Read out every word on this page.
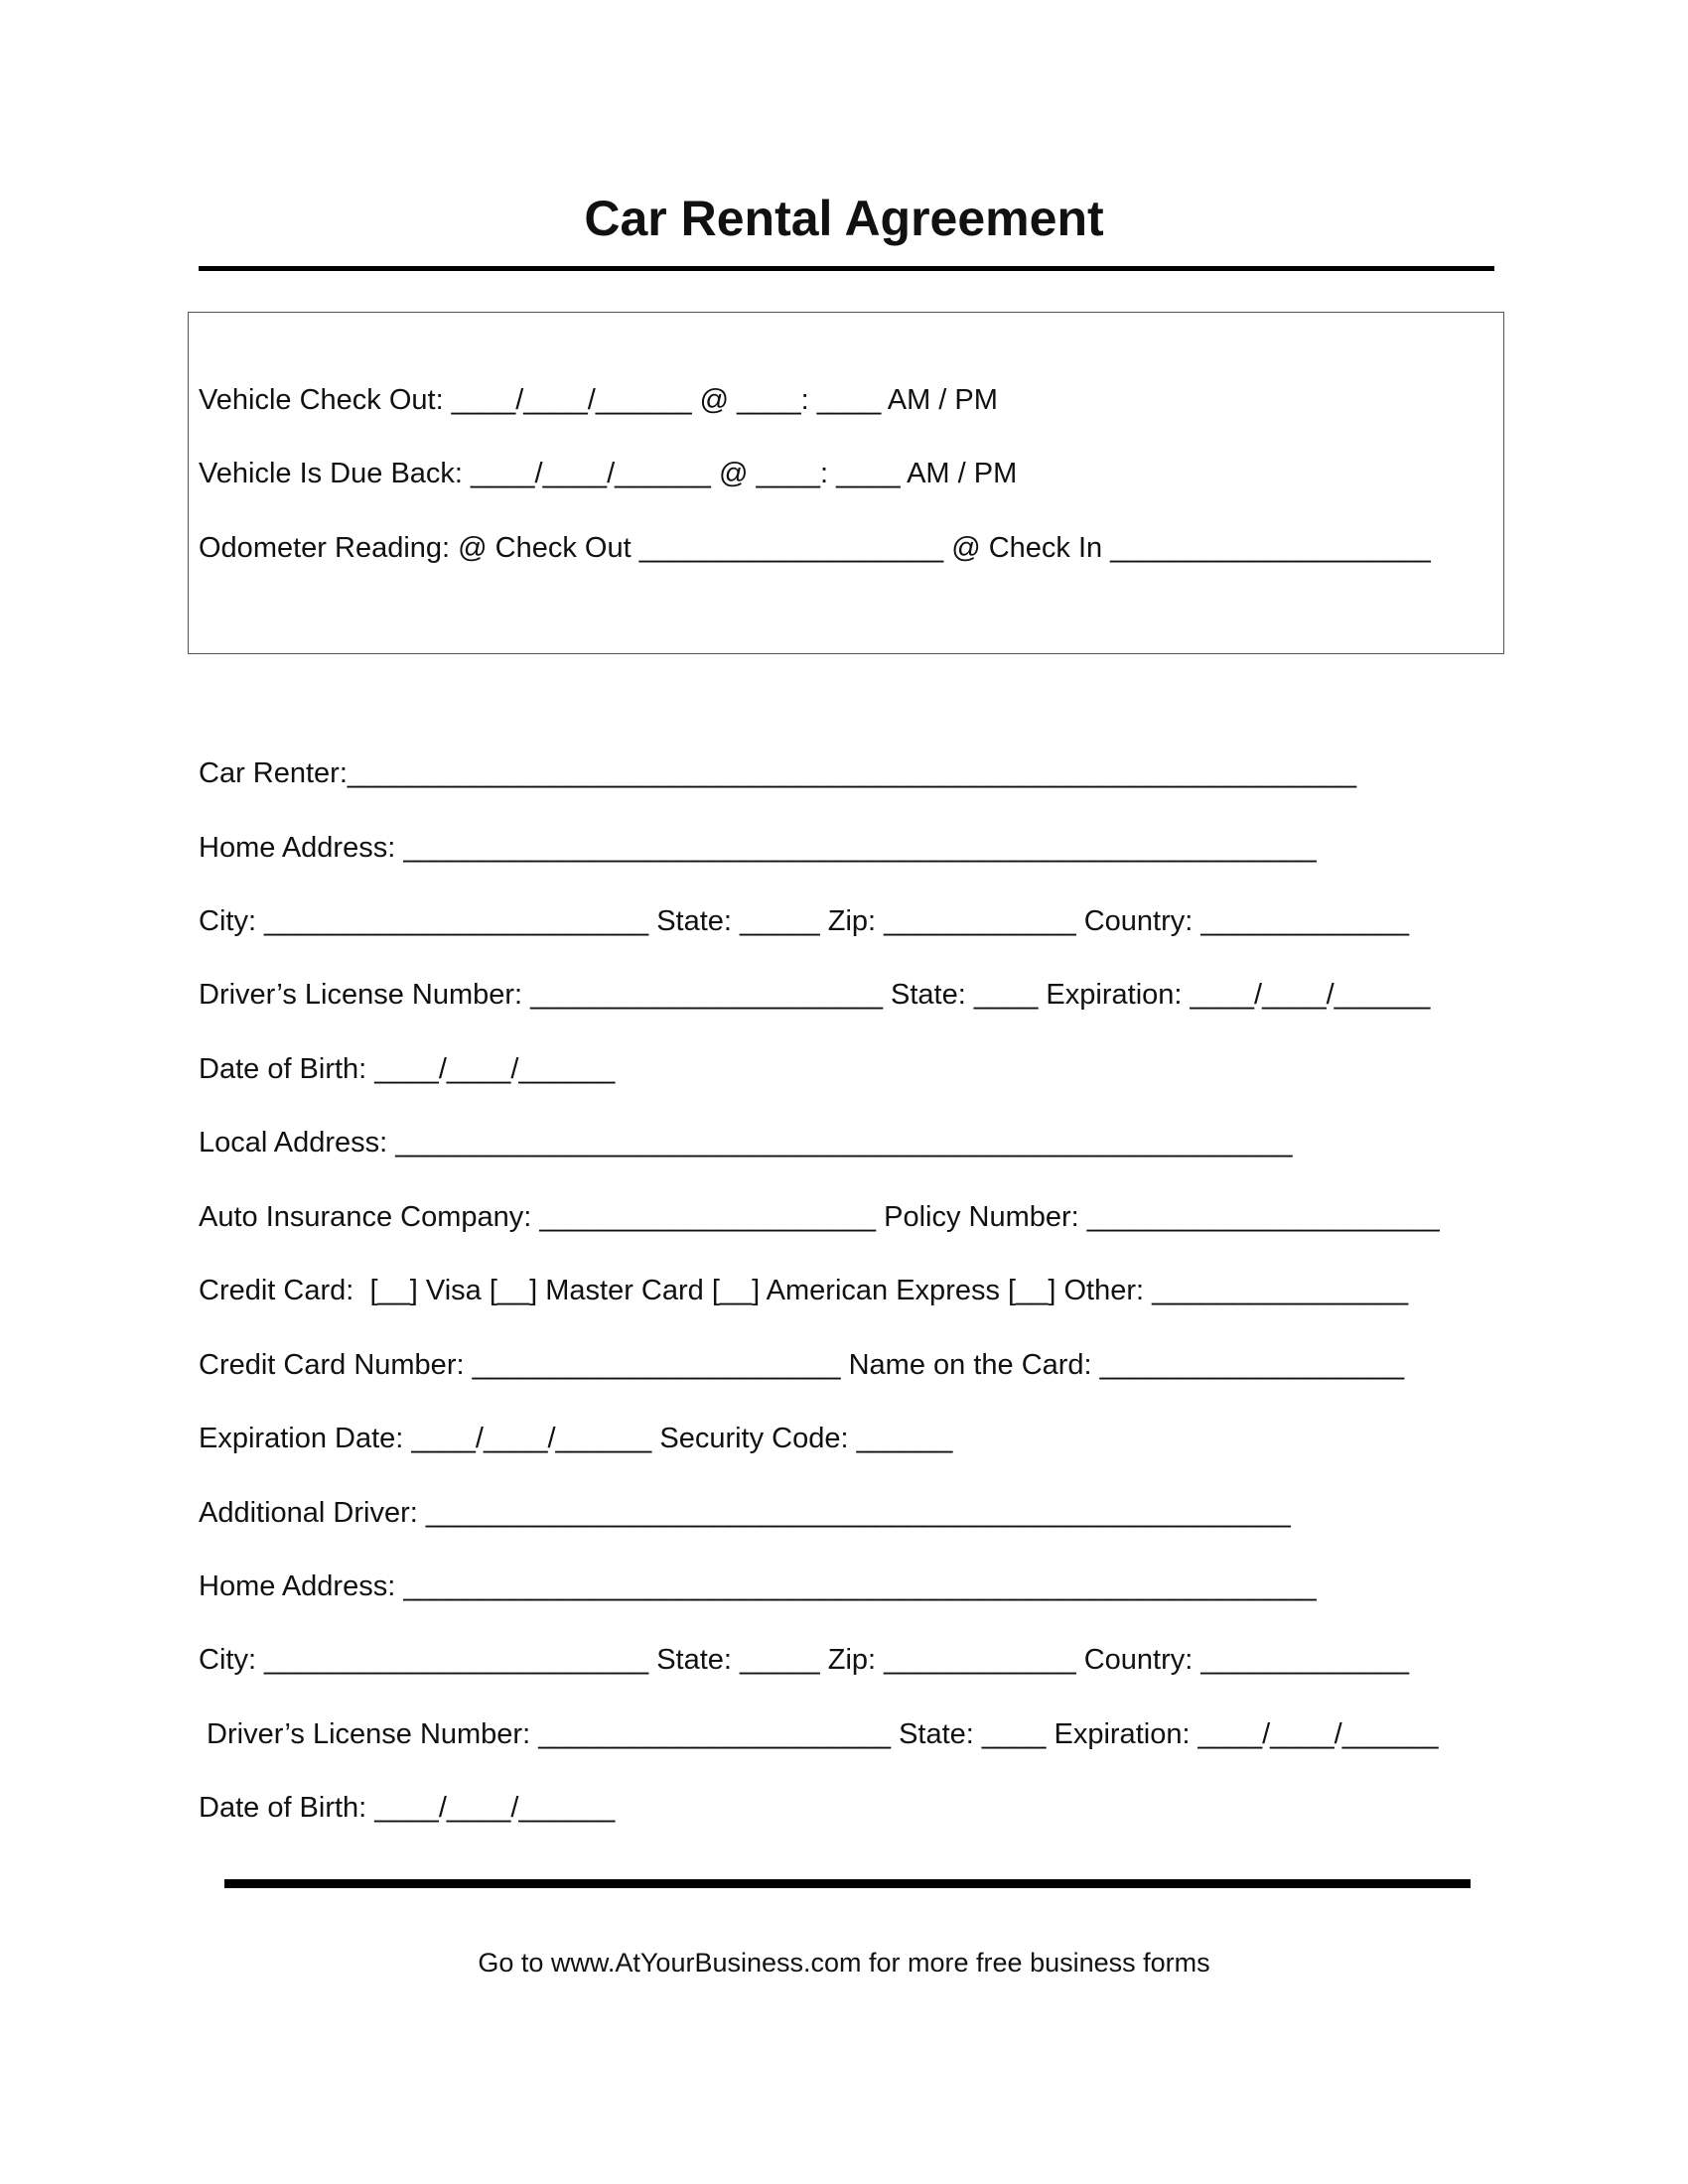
Car Rental Agreement
Vehicle Check Out: ____/____/______ @ ____: ____ AM / PM
Vehicle Is Due Back: ____/____/______ @ ____: ____ AM / PM
Odometer Reading: @ Check Out ___________________ @ Check In ____________________
Car Renter:_______________________________________________________________
Home Address: _________________________________________________________
City: ________________________ State: _____ Zip: ____________ Country: _____________
Driver’s License Number: ______________________ State: ____ Expiration: ____/____/______
Date of Birth: ____/____/______
Local Address: ________________________________________________________
Auto Insurance Company: _____________________ Policy Number: ______________________
Credit Card:  [__] Visa [__] Master Card [__] American Express [__] Other: ________________
Credit Card Number: _______________________ Name on the Card: ___________________
Expiration Date: ____/____/______ Security Code: ______
Additional Driver: ______________________________________________________
Home Address: _________________________________________________________
City: ________________________ State: _____ Zip: ____________ Country: _____________
Driver’s License Number: ______________________ State: ____ Expiration: ____/____/______
Date of Birth: ____/____/______
Go to www.AtYourBusiness.com for more free business forms
